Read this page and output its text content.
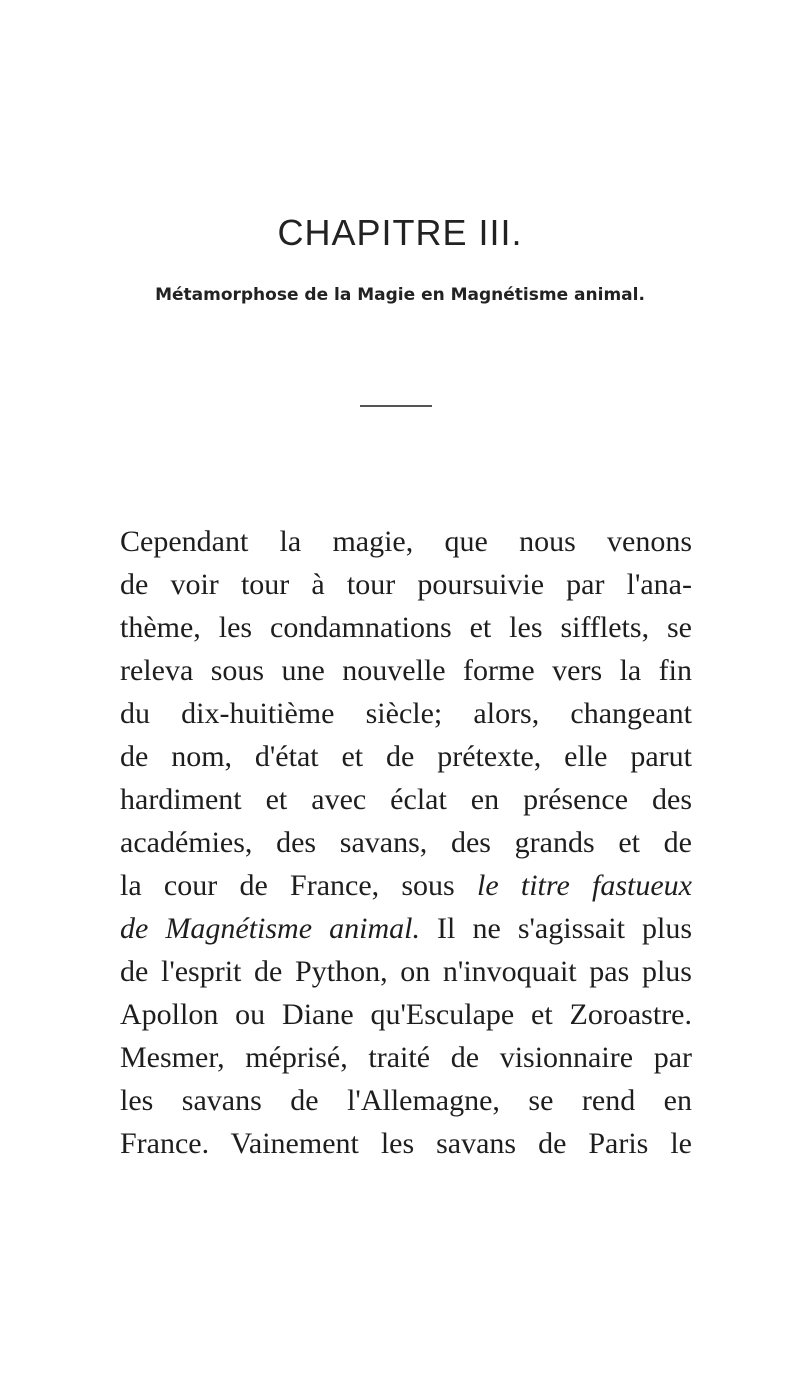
CHAPITRE III.
Métamorphose de la Magie en Magnétisme animal.
Cependant la magie, que nous venons
de voir tour à tour poursuivie par l'ana-
thème, les condamnations et les sifflets, se
releva sous une nouvelle forme vers la fin
du dix-huitième siècle; alors, changeant
de nom, d'état et de prétexte, elle parut
hardiment et avec éclat en présence des
académies, des savans, des grands et de
la cour de France, sous le titre fastueux
de Magnétisme animal. Il ne s'agissait plus
de l'esprit de Python, on n'invoquait pas plus
Apollon ou Diane qu'Esculape et Zoroastre.
Mesmer, méprisé, traité de visionnaire par
les savans de l'Allemagne, se rend en
France. Vainement les savans de Paris le
